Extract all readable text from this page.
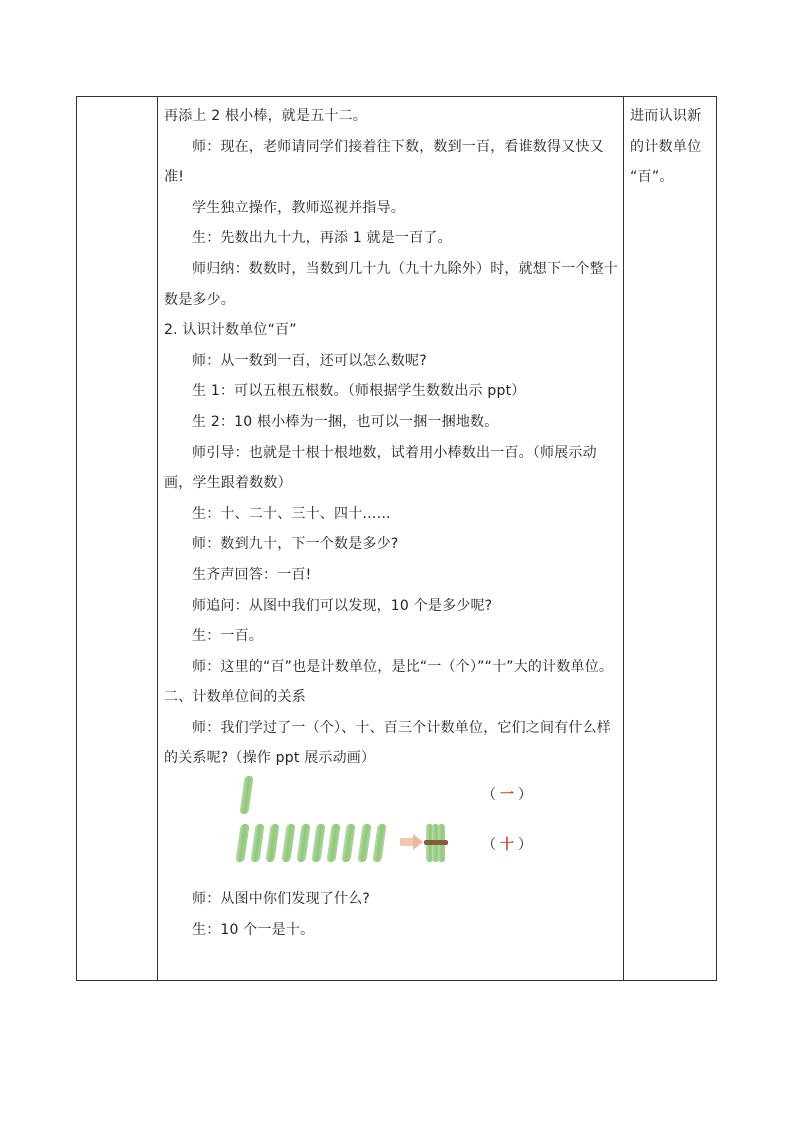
再添上 2 根小棒，就是五十二。

师：现在，老师请同学们接着往下数，数到一百，看谁数得又快又准!

学生独立操作，教师巡视并指导。

生：先数出九十九，再添 1 就是一百了。

师归纳：数数时，当数到几十九（九十九除外）时，就想下一个整十数是多少。

2. 认识计数单位“百”

师：从一数到一百，还可以怎么数呢?

生 1：可以五根五根数。（师根据学生数数出示 ppt）

生 2：10 根小棒为一捆，也可以一捆一捆地数。

师引导：也就是十根十根地数，试着用小棒数出一百。（师展示动画，学生跟着数数）

生：十、二十、三十、四十……

师：数到九十，下一个数是多少?

生齐声回答：一百!

师追问：从图中我们可以发现，10 个是多少呢?

生：一百。

师：这里的“百”也是计数单位，是比“一（个）”“十”大的计数单位。

二、计数单位间的关系

师：我们学过了一（个）、十、百三个计数单位，它们之间有什么样的关系呢?（操作 ppt 展示动画）

（一）
（十）

师：从图中你们发现了什么?

生：10 个一是十。

进而认识新

的计数单位

“百”。
